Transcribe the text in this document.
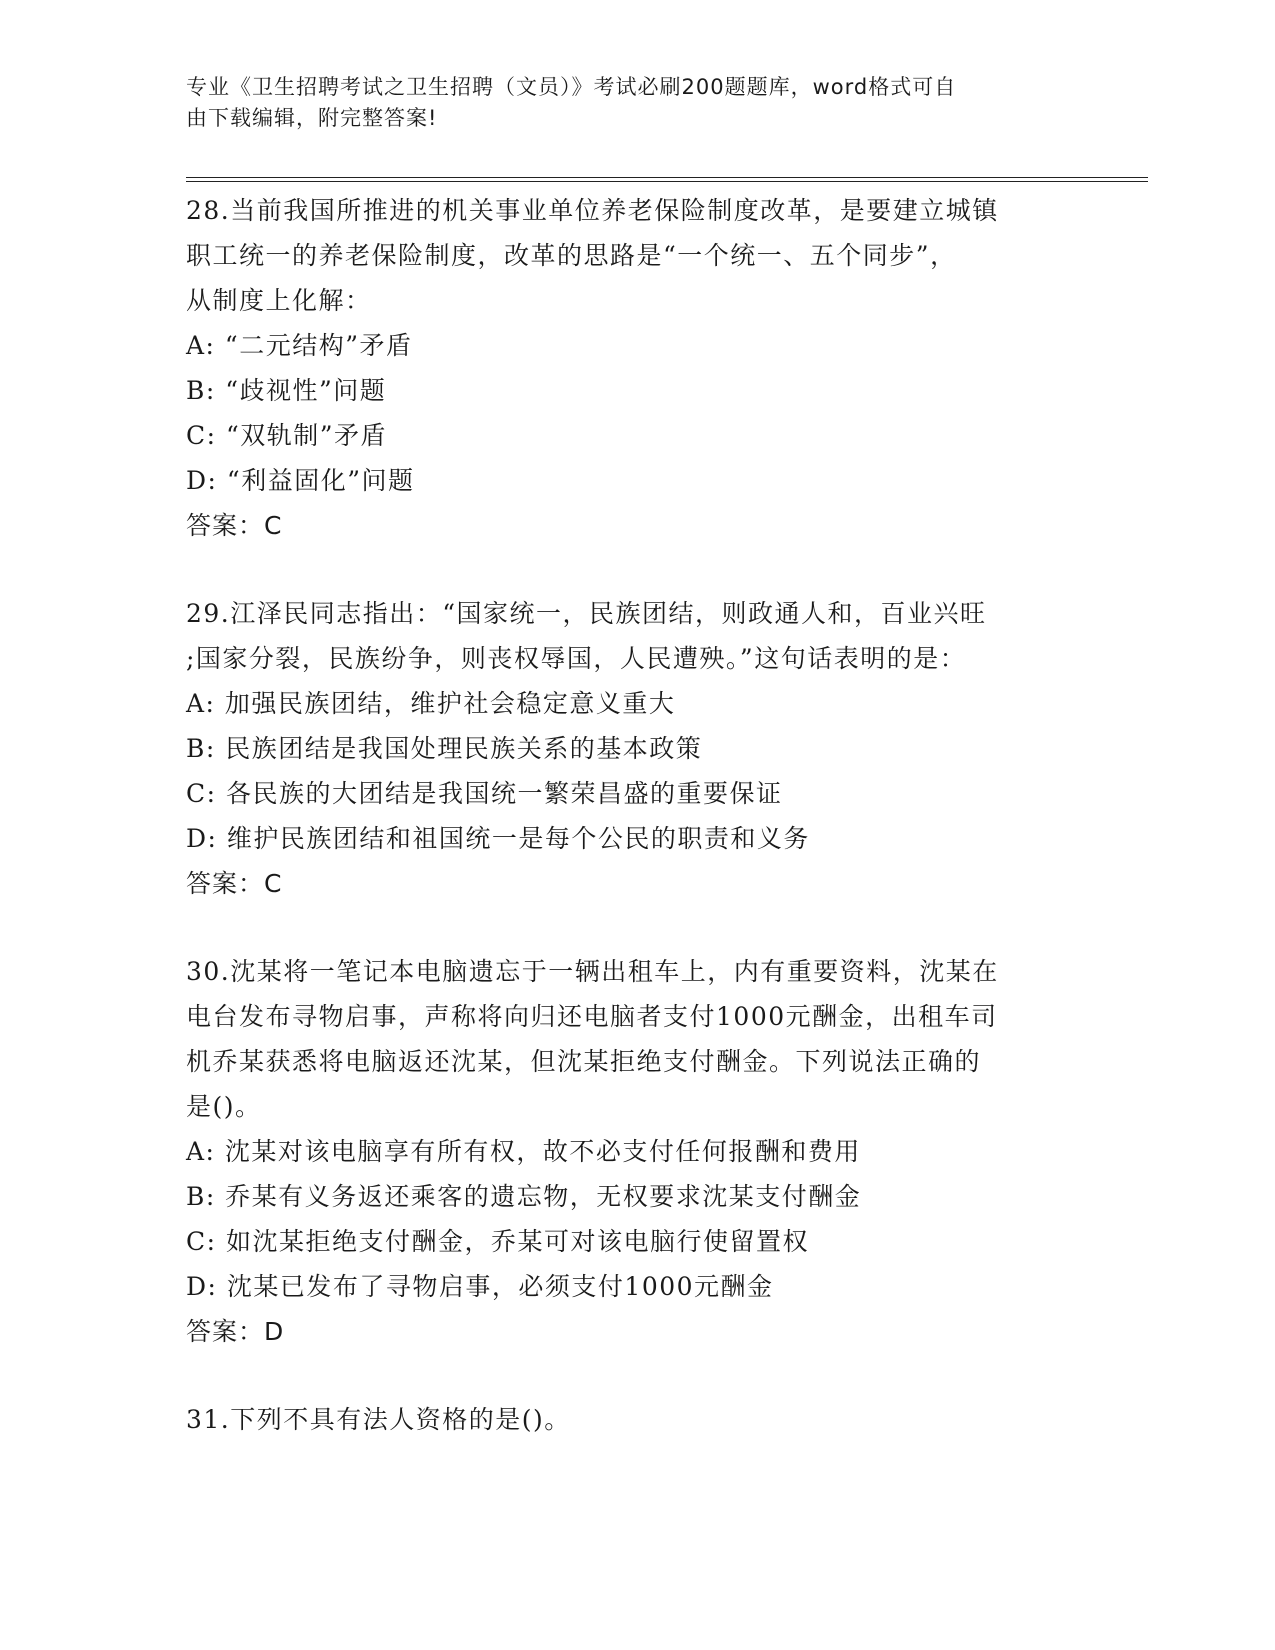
专业《卫生招聘考试之卫生招聘（文员）》考试必刷200题题库，word格式可自
由下载编辑，附完整答案!
28.当前我国所推进的机关事业单位养老保险制度改革，是要建立城镇
职工统一的养老保险制度，改革的思路是“一个统一、五个同步”，
从制度上化解：
A: “二元结构”矛盾
B: “歧视性”问题
C: “双轨制”矛盾
D: “利益固化”问题
答案：C
29.江泽民同志指出：“国家统一，民族团结，则政通人和，百业兴旺
;国家分裂，民族纷争，则丧权辱国，人民遭殃。”这句话表明的是：
A: 加强民族团结，维护社会稳定意义重大
B: 民族团结是我国处理民族关系的基本政策
C: 各民族的大团结是我国统一繁荣昌盛的重要保证
D: 维护民族团结和祖国统一是每个公民的职责和义务
答案：C
30.沈某将一笔记本电脑遗忘于一辆出租车上，内有重要资料，沈某在
电台发布寻物启事，声称将向归还电脑者支付1000元酬金，出租车司
机乔某获悉将电脑返还沈某，但沈某拒绝支付酬金。下列说法正确的
是()。
A: 沈某对该电脑享有所有权，故不必支付任何报酬和费用
B: 乔某有义务返还乘客的遗忘物，无权要求沈某支付酬金
C: 如沈某拒绝支付酬金，乔某可对该电脑行使留置权
D: 沈某已发布了寻物启事，必须支付1000元酬金
答案：D
31.下列不具有法人资格的是()。
